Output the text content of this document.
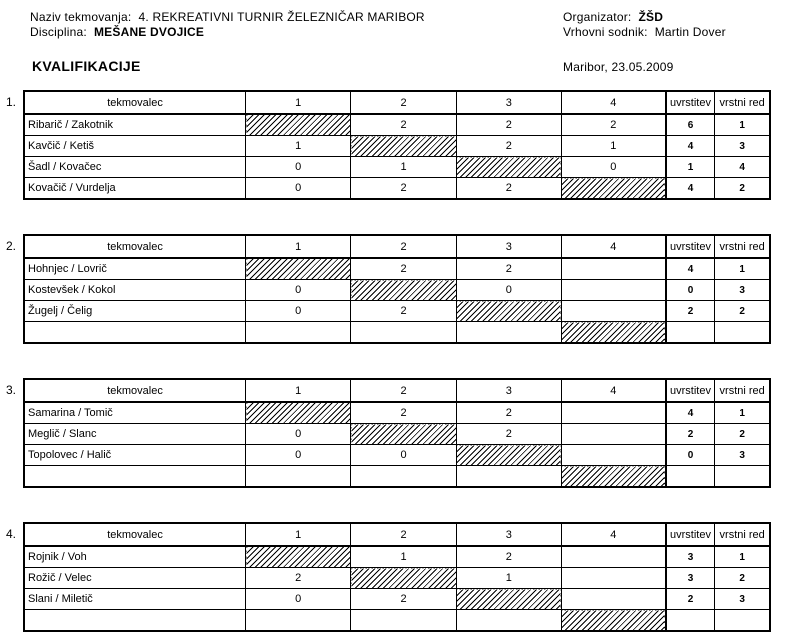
Naziv tekmovanja: 4. REKREATIVNI TURNIR ŽELEZNIČAR MARIBOR
Disciplina: MEŠANE DVOJICE
Organizator: ŽŠD
Vrhovni sodnik: Martin Dover
KVALIFIKACIJE	Maribor, 23.05.2009
1.	tekmovalec	1	2	3	4	uvrstitev	vrstni red
Ribarič / Zakotnik		2	2	2	6	1
Kavčič / Ketiš	1		2	1	4	3
Šadl / Kovačec	0	1		0	1	4
Kovačič / Vurdelja	0	2	2		4	2
2.	tekmovalec	1	2	3	4	uvrstitev	vrstni red
Hohnjec / Lovrič		2	2		4	1
Kostevšek / Kokol	0		0		0	3
Žugelj / Čelig	0	2			2	2

3.	tekmovalec	1	2	3	4	uvrstitev	vrstni red
Samarina / Tomič		2	2		4	1
Meglič / Slanc	0		2		2	2
Topolovec / Halič	0	0			0	3

4.	tekmovalec	1	2	3	4	uvrstitev	vrstni red
Rojnik / Voh		1	2		3	1
Rožič / Velec	2		1		3	2
Slani / Miletič	0	2			2	3
